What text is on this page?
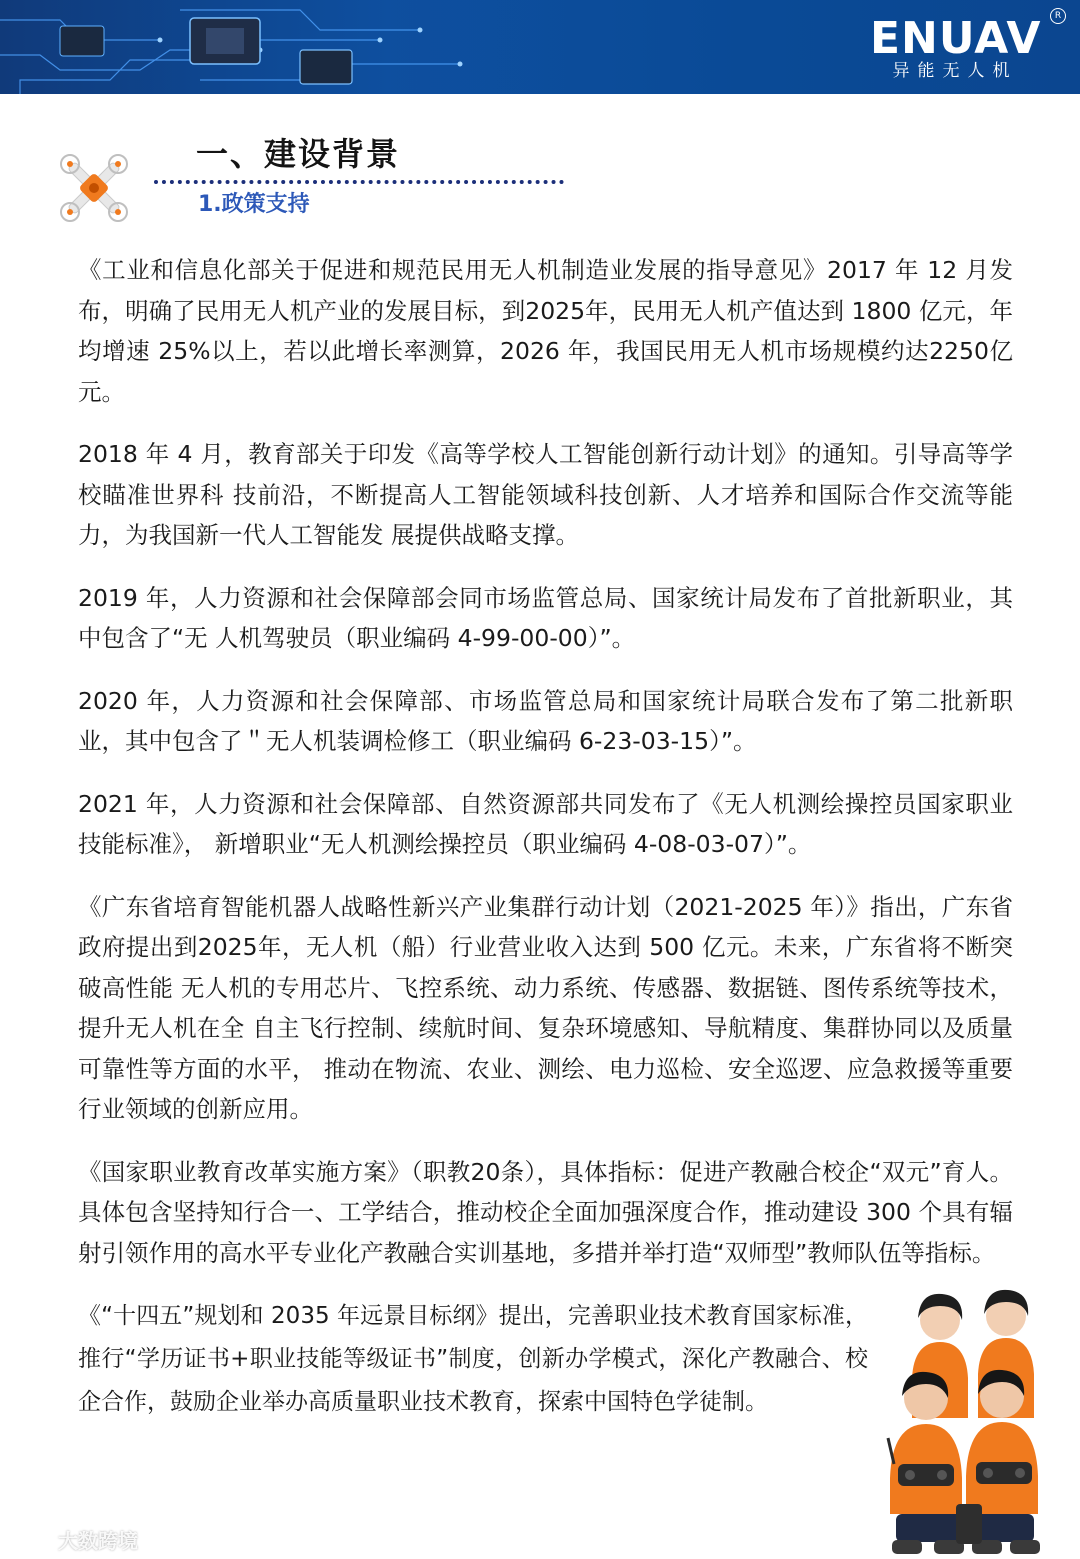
ENUAV
异能无人机
R
一、建设背景
1.政策支持

《工业和信息化部关于促进和规范民用无人机制造业发展的指导意见》2017 年 12 月发布，明确了民用无人机产业的发展目标，到2025年，民用无人机产值达到 1800 亿元，年均增速 25%以上，若以此增长率测算，2026 年，我国民用无人机市场规模约达2250亿元。

2018 年 4 月，教育部关于印发《高等学校人工智能创新行动计划》的通知。引导高等学校瞄准世界科 技前沿，不断提高人工智能领域科技创新、人才培养和国际合作交流等能力，为我国新一代人工智能发 展提供战略支撑。

2019 年，人力资源和社会保障部会同市场监管总局、国家统计局发布了首批新职业，其中包含了“无 人机驾驶员（职业编码 4-99-00-00）”。

2020 年，人力资源和社会保障部、市场监管总局和国家统计局联合发布了第二批新职业，其中包含了＂无人机装调检修工（职业编码 6-23-03-15）”。

2021 年，人力资源和社会保障部、自然资源部共同发布了《无人机测绘操控员国家职业技能标准》， 新增职业“无人机测绘操控员（职业编码 4-08-03-07）”。

《广东省培育智能机器人战略性新兴产业集群行动计划（2021-2025 年）》指出，广东省政府提出到2025年，无人机（船）行业营业收入达到 500 亿元。未来，广东省将不断突破高性能 无人机的专用芯片、飞控系统、动力系统、传感器、数据链、图传系统等技术，提升无人机在全 自主飞行控制、续航时间、复杂环境感知、导航精度、集群协同以及质量可靠性等方面的水平， 推动在物流、农业、测绘、电力巡检、安全巡逻、应急救援等重要行业领域的创新应用。

《国家职业教育改革实施方案》（职教20条），具体指标：促进产教融合校企“双元”育人。具体包含坚持知行合一、工学结合，推动校企全面加强深度合作，推动建设 300 个具有辐射引领作用的高水平专业化产教融合实训基地，多措并举打造“双师型”教师队伍等指标。

《“十四五”规划和 2035 年远景目标纲》提出，完善职业技术教育国家标准，推行“学历证书+职业技能等级证书”制度，创新办学模式，深化产教融合、校企合作，鼓励企业举办高质量职业技术教育，探索中国特色学徒制。

大数跨境
